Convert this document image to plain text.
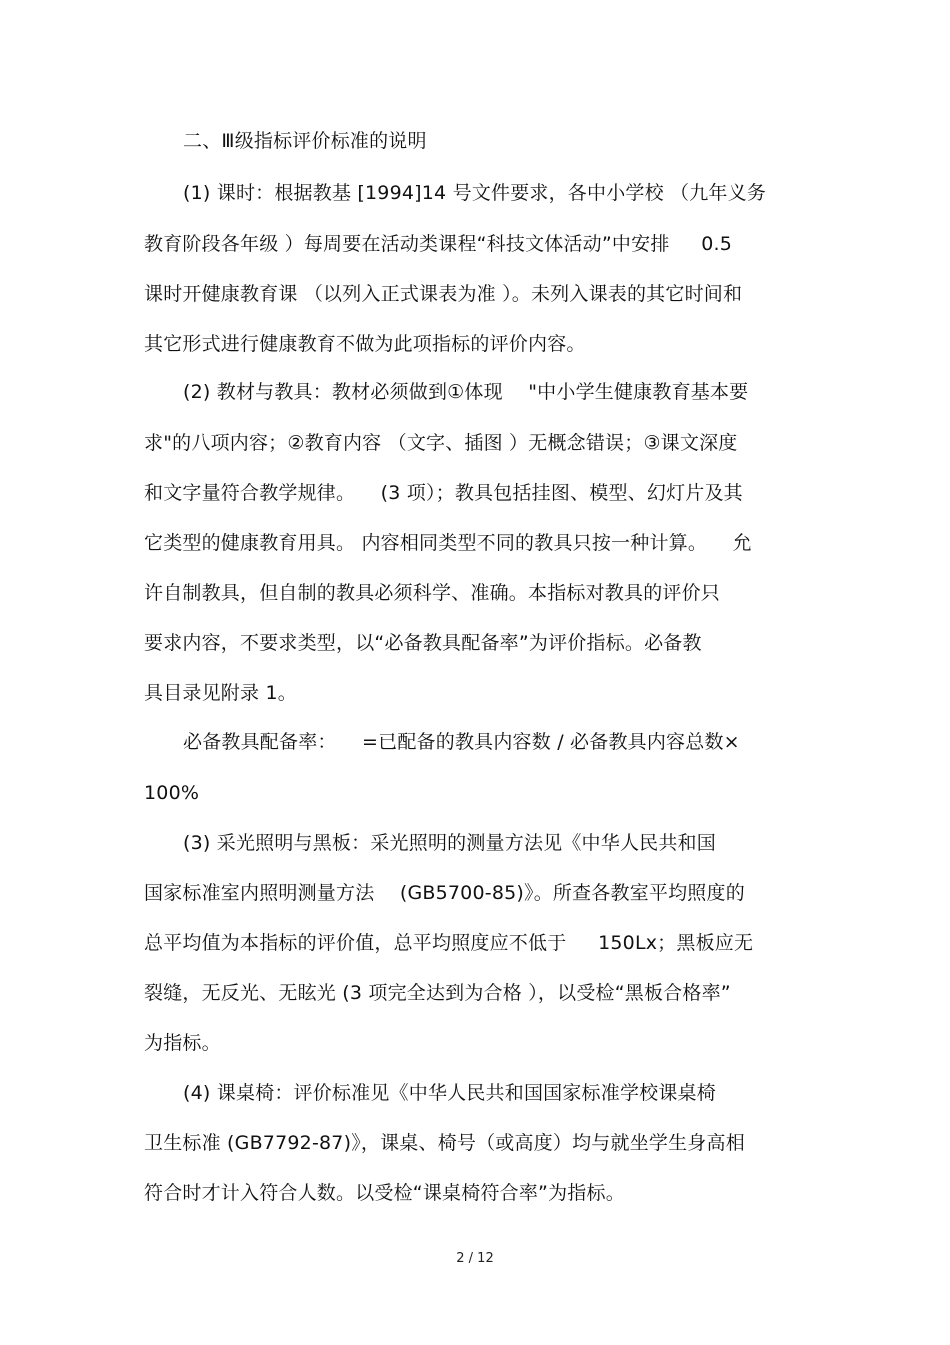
二、Ⅲ级指标评价标准的说明
(1) 课时：根据教基 [1994]14 号文件要求，各中小学校 （九年义务
教育阶段各年级 ）每周要在活动类课程“科技文体活动”中安排 　 0.5
课时开健康教育课 （以列入正式课表为准 ）。未列入课表的其它时间和
其它形式进行健康教育不做为此项指标的评价内容。
(2) 教材与教具：教材必须做到①体现 　"中小学生健康教育基本要
求"的八项内容；②教育内容 （文字、插图 ）无概念错误；③课文深度
和文字量符合教学规律。 　(3 项）；教具包括挂图、模型、幻灯片及其
它类型的健康教育用具。 内容相同类型不同的教具只按一种计算。 　允
许自制教具，但自制的教具必须科学、准确。本指标对教具的评价只
要求内容，不要求类型，以“必备教具配备率”为评价指标。必备教
具目录见附录 1。
必备教具配备率： 　=已配备的教具内容数 / 必备教具内容总数×
100%
(3) 采光照明与黑板：采光照明的测量方法见《中华人民共和国
国家标准室内照明测量方法 　(GB5700-85)》。所查各教室平均照度的
总平均值为本指标的评价值，总平均照度应不低于 　 150Lx；黑板应无
裂缝，无反光、无眩光 (3 项完全达到为合格 ），以受检“黑板合格率”
为指标。
(4) 课桌椅：评价标准见《中华人民共和国国家标准学校课桌椅
卫生标准 (GB7792-87)》，课桌、椅号（或高度）均与就坐学生身高相
符合时才计入符合人数。以受检“课桌椅符合率”为指标。
2 / 12
